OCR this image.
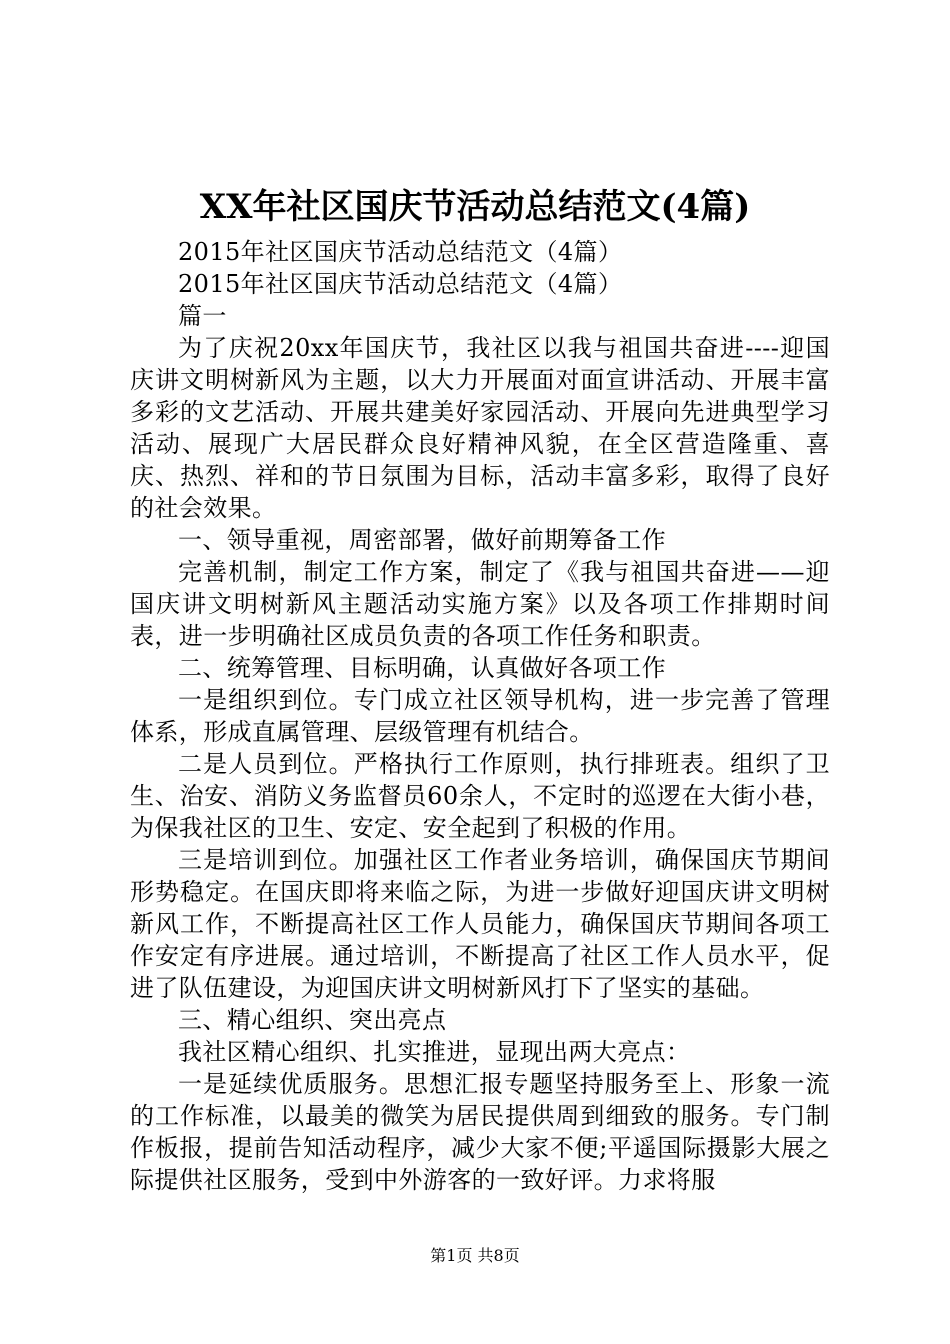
XX年社区国庆节活动总结范文(4篇)

2015年社区国庆节活动总结范文（4篇）

2015年社区国庆节活动总结范文（4篇）

篇一

为了庆祝20xx年国庆节，我社区以我与祖国共奋进----迎国庆讲文明树新风为主题，以大力开展面对面宣讲活动、开展丰富多彩的文艺活动、开展共建美好家园活动、开展向先进典型学习活动、展现广大居民群众良好精神风貌，在全区营造隆重、喜庆、热烈、祥和的节日氛围为目标，活动丰富多彩，取得了良好的社会效果。

一、领导重视，周密部署，做好前期筹备工作

完善机制，制定工作方案，制定了《我与祖国共奋进——迎国庆讲文明树新风主题活动实施方案》以及各项工作排期时间表，进一步明确社区成员负责的各项工作任务和职责。

二、统筹管理、目标明确，认真做好各项工作

一是组织到位。专门成立社区领导机构，进一步完善了管理体系，形成直属管理、层级管理有机结合。

二是人员到位。严格执行工作原则，执行排班表。组织了卫生、治安、消防义务监督员60余人，不定时的巡逻在大街小巷，为保我社区的卫生、安定、安全起到了积极的作用。

三是培训到位。加强社区工作者业务培训，确保国庆节期间形势稳定。在国庆即将来临之际，为进一步做好迎国庆讲文明树新风工作，不断提高社区工作人员能力，确保国庆节期间各项工作安定有序进展。通过培训，不断提高了社区工作人员水平，促进了队伍建设，为迎国庆讲文明树新风打下了坚实的基础。

三、精心组织、突出亮点

我社区精心组织、扎实推进，显现出两大亮点：

一是延续优质服务。思想汇报专题坚持服务至上、形象一流的工作标准，以最美的微笑为居民提供周到细致的服务。专门制作板报，提前告知活动程序，减少大家不便;平遥国际摄影大展之际提供社区服务，受到中外游客的一致好评。力求将服

第1页 共8页
